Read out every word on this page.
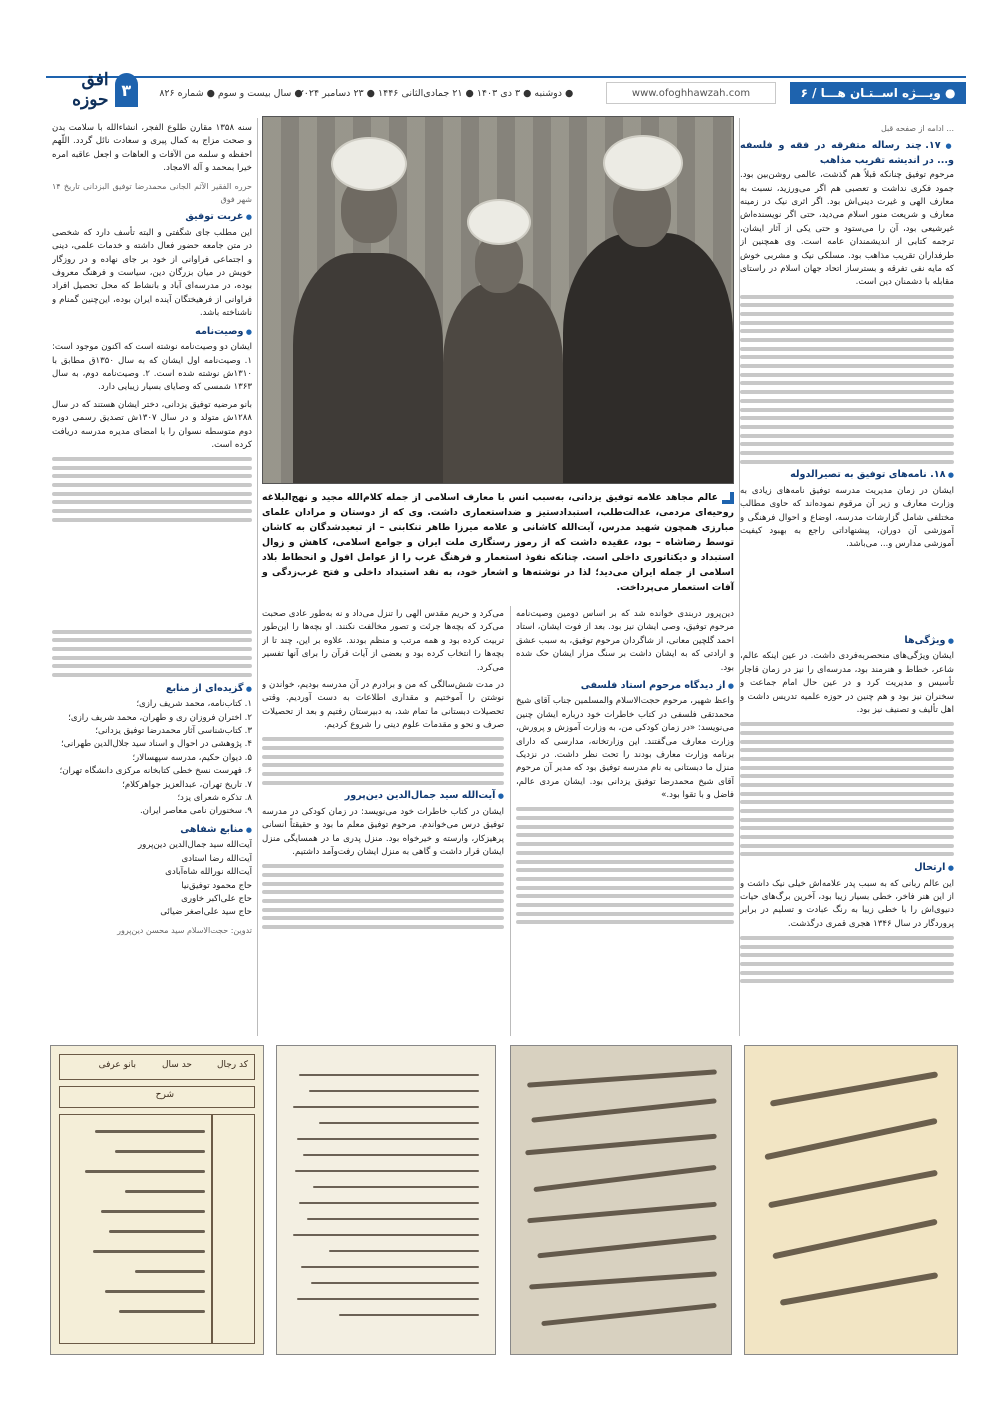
● ویـــژه اســتـان هـــا / ۶
www.ofoghhawzah.com
● دوشنبه ● ۳ دی ۱۴۰۳ ● ۲۱ جمادی‌الثانی ۱۴۴۶ ● ۲۳ دسامبر ۲۰۲۴
● سال بیست و سوم ● شماره ۸۲۶
۳
افق حوزه

... ادامه از صفحه قبل

● ۱۷. چند رساله متفرقه در فقه و فلسفه و... در اندیشه تقریب مذاهب

مرحوم توفیق چنانکه قبلاً هم گذشت، عالمی روشن‌بین بود. جمود فکری نداشت و تعصبی هم اگر می‌ورزید، نسبت به معارف الهی و غیرت دینی‌اش بود. اگر اثری نیک در زمینه معارف و شریعت منور اسلام می‌دید، حتی اگر نویسنده‌اش غیرشیعی بود، آن را می‌ستود و حتی یکی از آثار ایشان، ترجمه کتابی از اندیشمندان عامه است. وی همچنین از طرفداران تقریب مذاهب بود. مسلکی نیک و مشربی خوش که مایه نفی تفرقه و بسترساز اتحاد جهان اسلام در راستای مقابله با دشمنان دین است.

● ۱۸. نامه‌های توفیق به تصیرالدوله

ایشان در زمان مدیریت مدرسه توفیق نامه‌های زیادی به وزارت معارف و زیر آن مرقوم نموده‌اند که حاوی مطالب مختلفی شامل گزارشات مدرسه، اوضاع و احوال فرهنگی و آموزشی آن دوران، پیشنهاداتی راجع به بهبود کیفیت آموزشی مدارس و... می‌باشد.

● ویژگی‌ها

ایشان ویژگی‌های منحصربه‌فردی داشت. در عین اینکه عالم، شاعر، خطاط و هنرمند بود، مدرسه‌ای را نیز در زمان قاجار تأسیس و مدیریت کرد و در عین حال امام جماعت و سخنران نیز بود و هم چنین در حوزه علمیه تدریس داشت و اهل تألیف و تصنیف نیز بود.

● ارتحال

این عالم ربانی که به سبب پدر علامه‌اش خیلی نیک داشت و از این هنر فاخر، خطی بسیار زیبا بود، آخرین برگ‌های حیات دنیوی‌اش را با خطی زیبا به رنگ عبادت و تسلیم در برابر پروردگار در سال ۱۳۴۶ هجری قمری درگذشت.

سنه ۱۳۵۸ مقارن طلوع الفجر، انشاءالله با سلامت بدن و صحت مزاج به کمال پیری و سعادت نائل گردد. اللّهم احفظه و سلمه من الآفات و العاهات و اجعل عاقبه امره خیرا بمحمد و آله الامجاد.

حرره الفقیر الآثم الجانی محمدرضا توفیق البزدانی تاریخ ۱۴ شهر فوق

● غربت توفیق

این مطلب جای شگفتی و البته تأسف دارد که شخصی در متن جامعه حضور فعال داشته و خدمات علمی، دینی و اجتماعی فراوانی از خود بر جای نهاده و در روزگار خویش در میان بزرگان دین، سیاست و فرهنگ معروف بوده، در مدرسه‌ای آباد و بانشاط که محل تحصیل افراد فراوانی از فرهیختگان آینده ایران بوده، این‌چنین گمنام و ناشناخته باشد.

● وصیت‌نامه

ایشان دو وصیت‌نامه نوشته است که اکنون موجود است: ۱. وصیت‌نامه اول ایشان که به سال ۱۳۵۰ق مطابق با ۱۳۱۰ش نوشته شده است. ۲. وصیت‌نامه دوم، به سال ۱۳۶۳ شمسی که وصایای بسیار زیبایی دارد.

بانو مرضیه توفیق یزدانی، دختر ایشان هستند که در سال ۱۲۸۸ش متولد و در سال ۱۳۰۷ش تصدیق رسمی دوره دوم متوسطه نسوان را با امضای مدیره مدرسه دریافت کرده است.

● گزیده‌ای از منابع

۱. کتاب‌نامه، محمد شریف رازی؛

۲. اختران فروزان ری و طهران، محمد شریف رازی؛

۳. کتاب‌شناسی آثار محمدرضا توفیق یزدانی؛

۴. پژوهشی در احوال و اسناد سید جلال‌الدین طهرانی؛

۵. دیوان حکیم، مدرسه سپهسالار؛

۶. فهرست نسخ خطی کتابخانه مرکزی دانشگاه تهران؛

۷. تاریخ تهران، عبدالعزیز جواهرکلام؛

۸. تذکره شعرای یزد؛

۹. سخنوران نامی معاصر ایران.

● منابع شفاهی

آیت‌الله سید جمال‌الدین دین‌پرور

آیت‌الله رضا استادی

آیت‌الله نورالله شاه‌آبادی

حاج محمود توفیق‌نیا

حاج علی‌اکبر خاوری

حاج سید علی‌اصغر ضیائی

تدوین: حجت‌الاسلام سید محسن دین‌پرور

عالم مجاهد علامه توفیق یزدانی، به‌سبب انس با معارف اسلامی از جمله کلام‌الله مجید و نهج‌البلاغه روحیه‌ای مردمی، عدالت‌طلب، استبدادستیز و ضداستعماری داشت. وی که از دوستان و مرادان علمای مبارزی همچون شهید مدرس، آیت‌الله کاشانی و علامه میرزا طاهر تنکابنی – از تبعیدشدگان به کاشان توسط رضاشاه – بود، عقیده داشت که از رموز رستگاری ملت ایران و جوامع اسلامی، کاهش و زوال استبداد و دیکتاتوری داخلی است. چنانکه نفوذ استعمار و فرهنگ غرب را از عوامل افول و انحطاط بلاد اسلامی از جمله ایران می‌دید؛ لذا در نوشته‌ها و اشعار خود، به نقد استبداد داخلی و فتح غرب‌زدگی و آفات استعمار می‌پرداخت.

دین‌پرور دربندی خوانده شد که بر اساس دومین وصیت‌نامه مرحوم توفیق، وصی ایشان نیز بود. بعد از فوت ایشان، استاد احمد گلچین معانی، از شاگردان مرحوم توفیق، به سبب عشق و ارادتی که به ایشان داشت بر سنگ مزار ایشان حک شده بود.

● از دیدگاه مرحوم استاد فلسفی

واعظ شهیر، مرحوم حجت‌الاسلام والمسلمین جناب آقای شیخ محمدتقی فلسفی در کتاب خاطرات خود درباره ایشان چنین می‌نویسد: «در زمان کودکی من، به وزارت آموزش و پرورش، وزارت معارف می‌گفتند. این وزارتخانه، مدارسی که دارای برنامه وزارت معارف بودند را تحت نظر داشت. در نزدیک منزل ما دبستانی به نام مدرسه توفیق بود که مدیر آن مرحوم آقای شیخ محمدرضا توفیق یزدانی بود. ایشان مردی عالم، فاضل و با تقوا بود.»

می‌کرد و حریم مقدس الهی را تنزل می‌داد و نه به‌طور عادی صحبت می‌کرد که بچه‌ها جرئت و تصور مخالفت نکنند. او بچه‌ها را این‌طور تربیت کرده بود و همه مرتب و منظم بودند. علاوه بر این، چند تا از بچه‌ها را انتخاب کرده بود و بعضی از آیات قرآن را برای آنها تفسیر می‌کرد.

در مدت شش‌سالگی که من و برادرم در آن مدرسه بودیم، خواندن و نوشتن را آموختیم و مقداری اطلاعات به دست آوردیم. وقتی تحصیلات دبستانی ما تمام شد، به دبیرستان رفتیم و بعد از تحصیلات صرف و نحو و مقدمات علوم دینی را شروع کردیم.

● آیت‌الله سید جمال‌الدین دین‌پرور

ایشان در کتاب خاطرات خود می‌نویسد: در زمان کودکی در مدرسه توفیق درس می‌خواندم. مرحوم توفیق معلم ما بود و حقیقتاً انسانی پرهیزکار، وارسته و خیرخواه بود. منزل پدری ما در همسایگی منزل ایشان قرار داشت و گاهی به منزل ایشان رفت‌وآمد داشتیم.

کد رجال
حد سال
بانو عرفی
شرح
